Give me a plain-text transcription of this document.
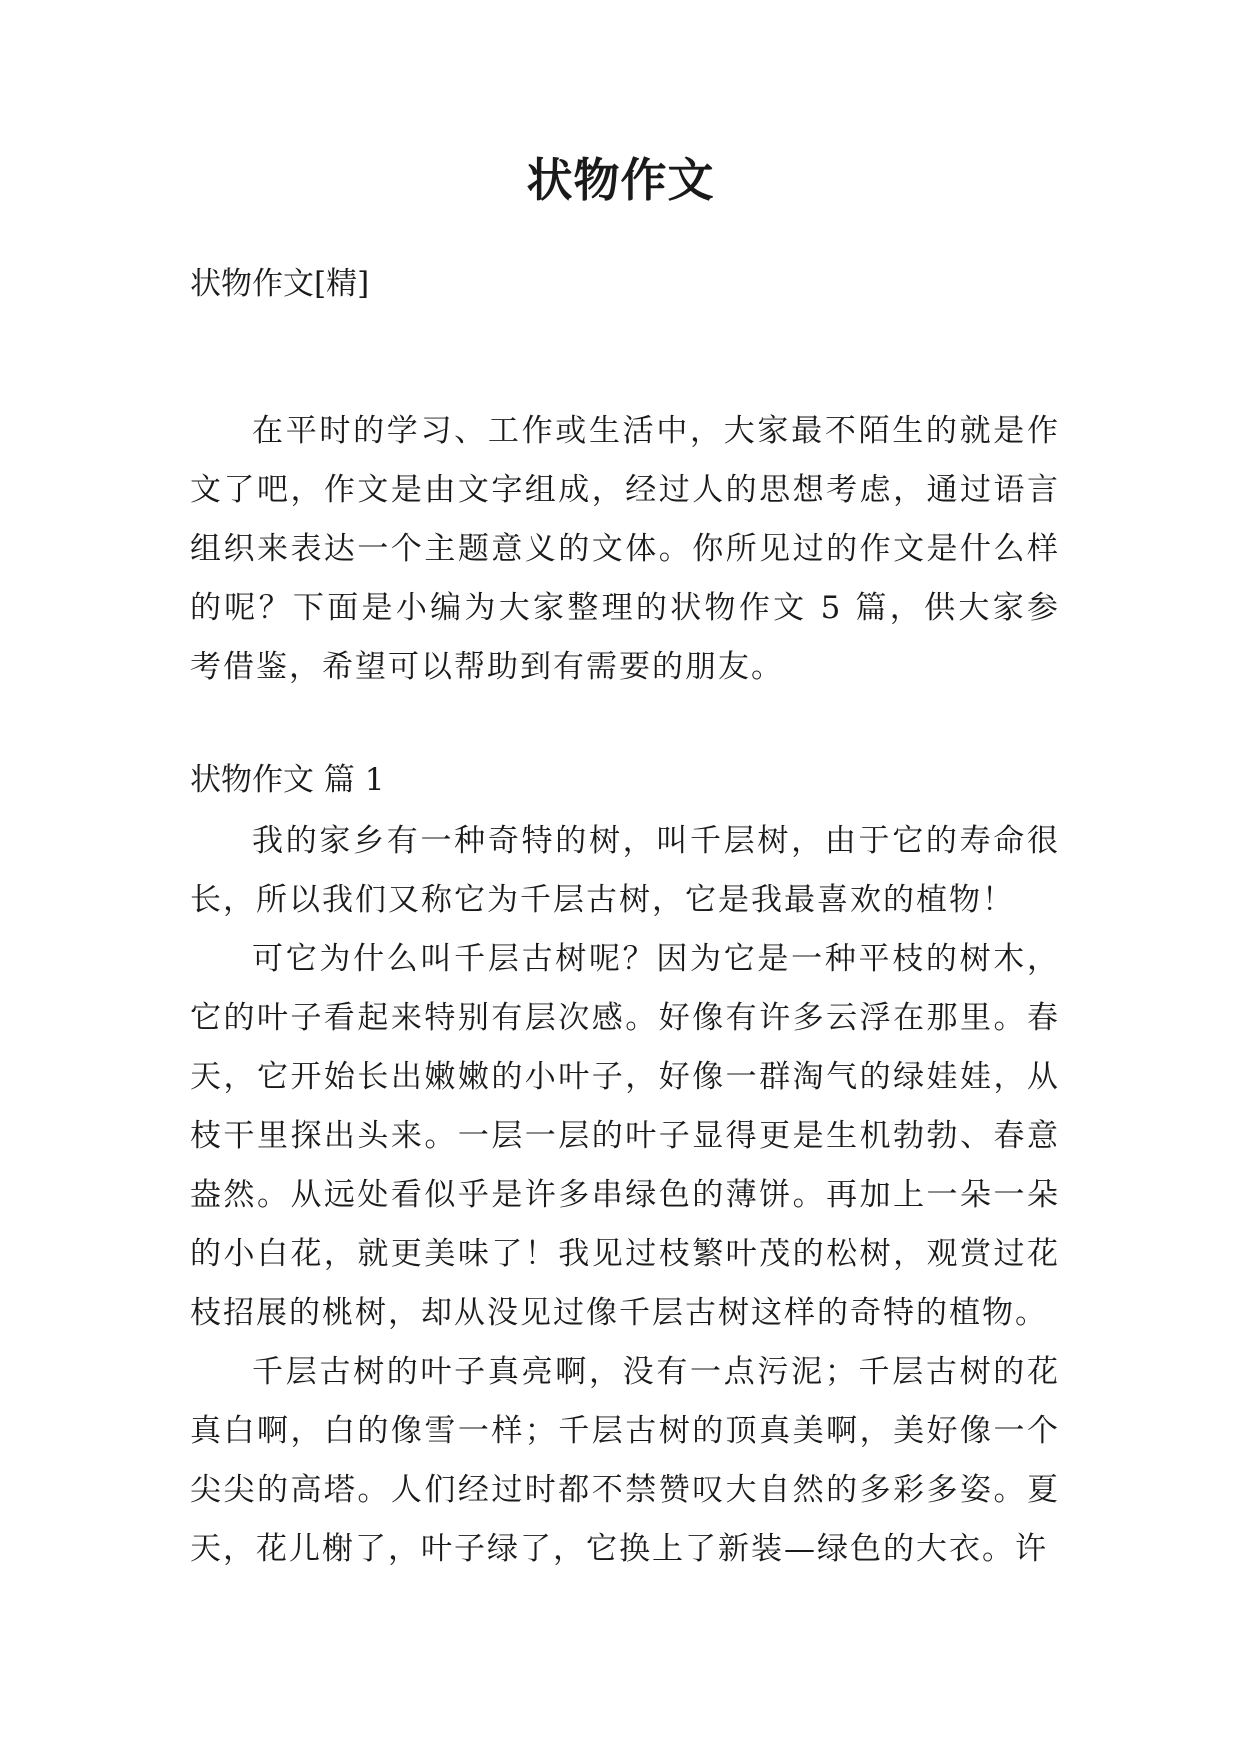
状物作文
状物作文[精]

在平时的学习、工作或生活中，大家最不陌生的就是作文了吧，作文是由文字组成，经过人的思想考虑，通过语言组织来表达一个主题意义的文体。你所见过的作文是什么样的呢？下面是小编为大家整理的状物作文 5 篇，供大家参考借鉴，希望可以帮助到有需要的朋友。

状物作文 篇 1

我的家乡有一种奇特的树，叫千层树，由于它的寿命很长，所以我们又称它为千层古树，它是我最喜欢的植物！

可它为什么叫千层古树呢？因为它是一种平枝的树木，它的叶子看起来特别有层次感。好像有许多云浮在那里。春天，它开始长出嫩嫩的小叶子，好像一群淘气的绿娃娃，从枝干里探出头来。一层一层的叶子显得更是生机勃勃、春意盎然。从远处看似乎是许多串绿色的薄饼。再加上一朵一朵的小白花，就更美味了！我见过枝繁叶茂的松树，观赏过花枝招展的桃树，却从没见过像千层古树这样的奇特的植物。

千层古树的叶子真亮啊，没有一点污泥；千层古树的花真白啊，白的像雪一样；千层古树的顶真美啊，美好像一个尖尖的高塔。人们经过时都不禁赞叹大自然的多彩多姿。夏天，花儿榭了，叶子绿了，它换上了新装—绿色的大衣。许
